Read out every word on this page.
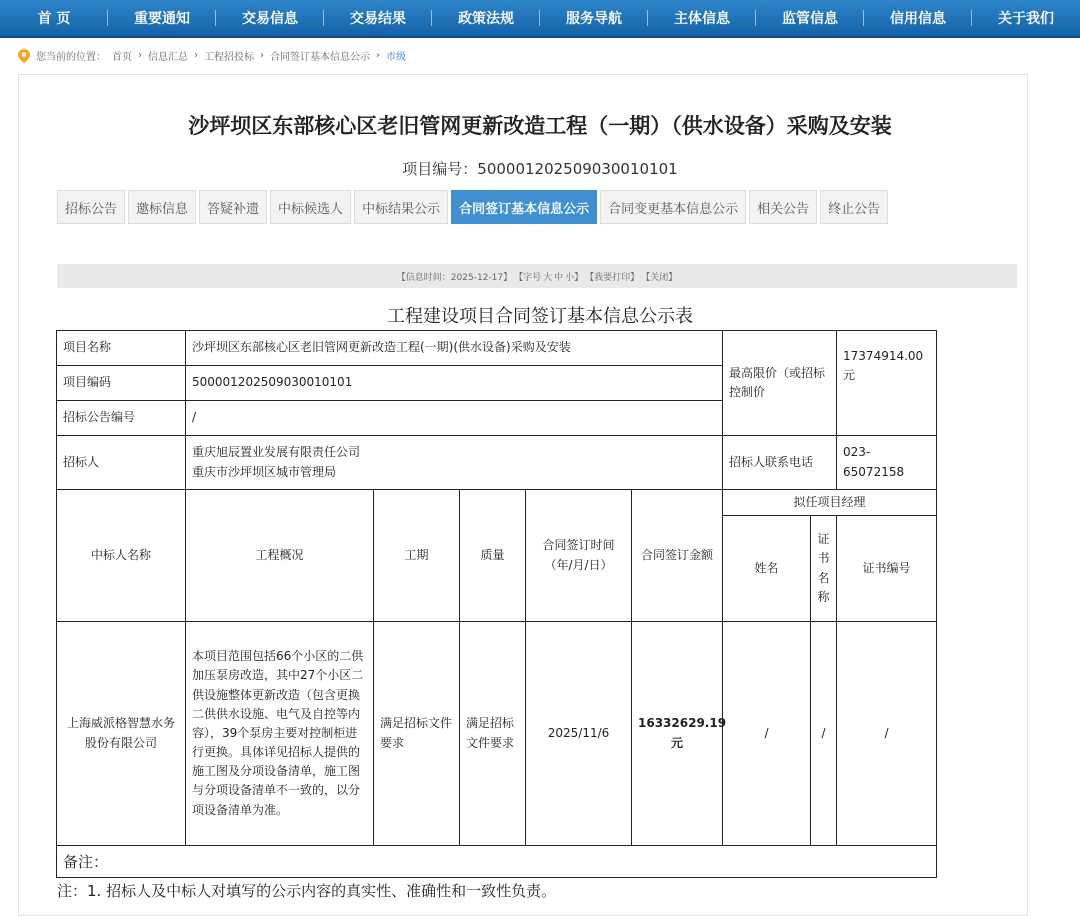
首 页	重要通知	交易信息	交易结果	政策法规	服务导航	主体信息	监管信息	信用信息	关于我们
您当前的位置： 首页 › 信息汇总 › 工程招投标 › 合同签订基本信息公示 › 市级
沙坪坝区东部核心区老旧管网更新改造工程（一期）（供水设备）采购及安装
项目编号：500001202509030010101
招标公告	邀标信息	答疑补遗	中标候选人	中标结果公示	合同签订基本信息公示	合同变更基本信息公示	相关公告	终止公告
【信息时间：2025-12-17】 【字号 大 中 小】 【我要打印】 【关闭】
工程建设项目合同签订基本信息公示表
项目名称	沙坪坝区东部核心区老旧管网更新改造工程(一期)(供水设备)采购及安装					最高限价（或招标控制价		17374914.00元
项目编码	500001202509030010101							
招标公告编号	/							
招标人	重庆旭辰置业发展有限责任公司
重庆市沙坪坝区城市管理局					招标人联系电话		023-65072158
中标人名称	工程概况	工期	质量	合同签订时间（年/月/日）	合同签订金额	拟任项目经理		
						姓名	证书名称	证书编号
上海威派格智慧水务股份有限公司	本项目范围包括66个小区的二供加压泵房改造，其中27个小区二供设施整体更新改造（包含更换二供供水设施、电气及自控等内容），39个泵房主要对控制柜进行更换。具体详见招标人提供的施工图及分项设备清单，施工图与分项设备清单不一致的，以分项设备清单为准。	满足招标文件要求	满足招标文件要求	2025/11/6	16332629.19元	/	/	/
备注：								
注：1. 招标人及中标人对填写的公示内容的真实性、准确性和一致性负责。
